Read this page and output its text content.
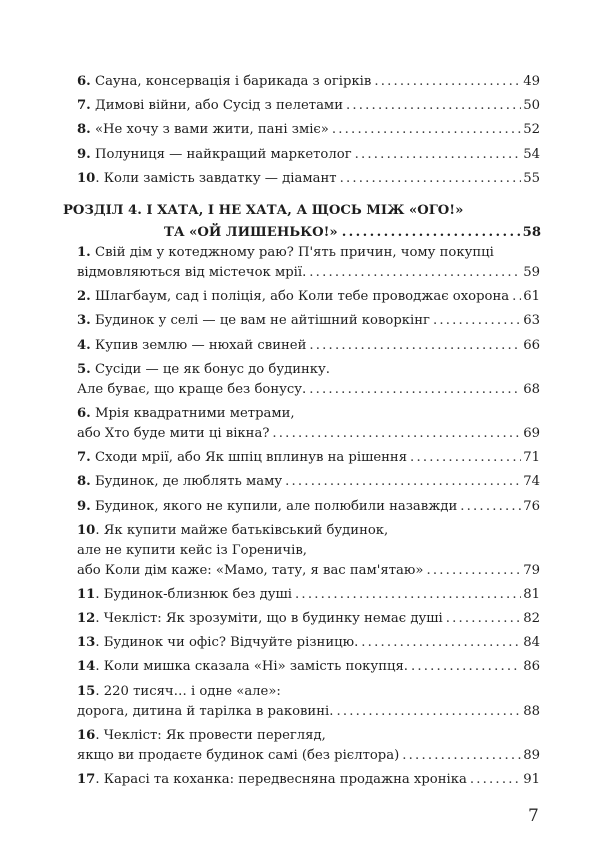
6. Сауна, консервація і барикада з огірків .....	49
7. Димові війни, або Сусід з пелетами .....	50
8. «Не хочу з вами жити, пані змiє» .....	52
9. Полуниця — найкращий маркетолог .....	54
10. Коли замість завдатку — діамант .....	55
РОЗДІЛ 4. І ХАТА, І НЕ ХАТА, А ЩОСЬ МІЖ «ОГО!»
ТА «ОЙ ЛИШЕНЬКО!» .....	58
1. Свій дім у котеджному раю? П'ять причин, чому покупці
відмовляються від містечок мрії. .....	59
2. Шлагбаум, сад і поліція, або Коли тебе проводжає охорона ..... 61
3. Будинок у селі — це вам не айтішний коворкінг .....	63
4. Купив землю — нюхай свиней .....	66
5. Сусіди — це як бонус до будинку.
Але буває, що краще без бонусу. .....	68
6. Мрія квадратними метрами,
або Хто буде мити ці вікна? .....	69
7. Сходи мрії, або Як шпіц вплинув на рішення .....	71
8. Будинок, де люблять маму .....	74
9. Будинок, якого не купили, але полюбили назавжди .....	76
10. Як купити майже батьківський будинок,
але не купити кейс із Гореничів,
або Коли дім каже: «Мамо, тату, я вас пам'ятаю» .....	79
11. Будинок-близнюк без душі .....	81
12. Чекліст: Як зрозуміти, що в будинку немає душі .....	82
13. Будинок чи офіс? Відчуйте різницю. .....	84
14. Коли мишка сказала «Ні» замість покупця. .....	86
15. 220 тисяч… і одне «але»:
дорога, дитина й тарілка в раковині. .....	88
16. Чекліст: Як провести перегляд,
якщо ви продаєте будинок самі (без рієлтора) .....	89
17. Карасі та коханка: передвесняна продажна хроніка .....	91
7
